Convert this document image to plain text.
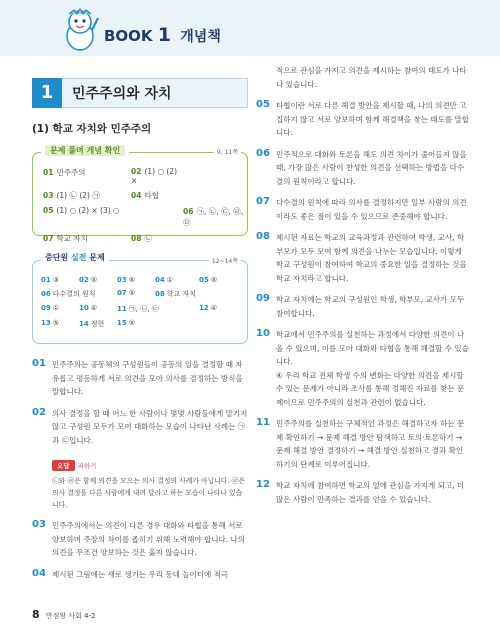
BOOK 1 개념책
1	민주주의와 자치
(1) 학교 자치와 민주주의
문제 풀며 개념 확인	9, 11쪽
01 민주주의	02 (1) ○ (2) ×
03 (1) ㉡ (2) ㉠	04 타협
05 (1) ○ (2) × (3) ○	06 ㉠, ㉡, ㉢, ㉣, ㉤
07 학교 자치	08 ㉡
중단원 실전 문제	12~14쪽
01 ③	02 ⑤	03 ⑤	04 ①	05 ⑤
06 다수결의 원칙	07 ⑤	08 학교 자치
09 ①	10 ④	11 ㉠, ㉡, ㉢	12 ④
13 ⑤	14 정현	15 ⑤
01 민주주의는 공동체의 구성원들이 공동의 일을 결정할 때 자유롭고 평등하게 서로 의견을 모아 의사를 결정하는 방식을 말합니다.
02 의사 결정을 할 때 어느 한 사람이나 몇몇 사람들에게 맡기지 않고 구성원 모두가 모여 대화하는 모습이 나타난 사례는 ㉠과 ㉢입니다.
오답 피하기
㉡와 ㉣은 함께 의견을 모으는 의사 결정의 사례가 아닙니다. ㉣은 의사 결정을 다른 사람에게 내려 달라고 하는 모습이 나타나 있습니다.
03 민주주의에서는 의견이 다른 경우 대화와 타협을 통해 서로 양보하며 주장의 차이를 좁히기 위해 노력해야 합니다. 나의 의견을 무조건 양보하는 것은 옳지 않습니다.
04 제시된 그림에는 새로 생기는 우리 동네 놀이터에 적극
적으로 관심을 가지고 의견을 제시하는 참여의 태도가 나타나 있습니다.
05 타협이란 서로 다른 해결 방안을 제시할 때, 나의 의견만 고집하지 않고 서로 양보하며 함께 해결책을 찾는 태도를 말합니다.
06 민주적으로 대화와 토론을 해도 의견 차이가 줄어들지 않을 때, 가장 많은 사람이 찬성한 의견을 선택하는 방법을 다수결의 원칙이라고 합니다.
07 다수결의 원칙에 따라 의사를 결정하지만 일부 사람의 의견이라도 좋은 점이 있을 수 있으므로 존중해야 합니다.
08 제시된 자료는 학교의 교육과정과 관련하여 학생, 교사, 학부모가 모두 모여 함께 의견을 나누는 모습입니다. 이렇게 학교 구성원이 참여하여 학교의 중요한 일을 결정하는 것을 학교 자치라고 합니다.
09 학교 자치에는 학교의 구성원인 학생, 학부모, 교사가 모두 참여합니다.
10 학교에서 민주주의를 실천하는 과정에서 다양한 의견이 나올 수 있으며, 이를 모아 대화와 타협을 통해 해결할 수 있습니다.
④ 우리 학교 전체 학생 수의 변화는 다양한 의견을 제시할 수 있는 문제가 아니라 조사를 통해 정해진 자료를 찾는 문제이므로 민주주의의 실천과 관련이 없습니다.
11 민주주의를 실천하는 구체적인 과정은 해결하고자 하는 문제 확인하기 → 문제 해결 방안 탐색하고 토의·토론하기 → 문제 해결 방안 결정하기 → 해결 방안 실천하고 결과 확인하기의 단계로 이루어집니다.
12 학교 자치에 참여하면 학교의 일에 관심을 가지게 되고, 더 많은 사람이 만족하는 결과를 얻을 수 있습니다.
8 만점왕 사회 4-2
